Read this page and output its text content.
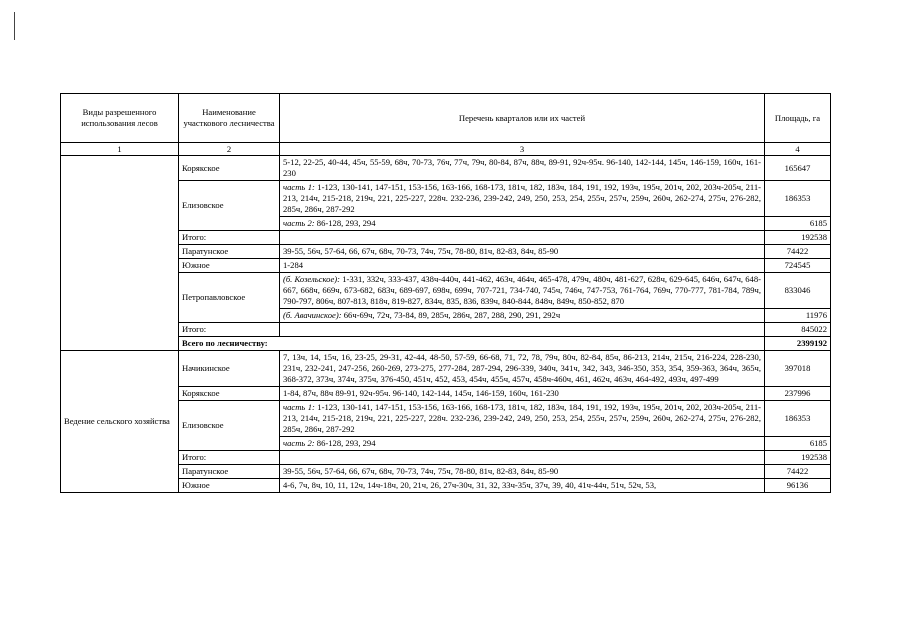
Виды разрешенного использования лесов	Наименование участкового лесничества	Перечень кварталов или их частей	Площадь, га
1	2	3	4
	Корякское	5-12, 22-25, 40-44, 45ч, 55-59, 68ч, 70-73, 76ч, 77ч, 79ч, 80-84, 87ч, 88ч, 89-91, 92ч-95ч. 96-140, 142-144, 145ч, 146-159, 160ч, 161-230	165647
	Елизовское	часть 1: 1-123, 130-141, 147-151, 153-156, 163-166, 168-173, 181ч, 182, 183ч, 184, 191, 192, 193ч, 195ч, 201ч, 202, 203ч-205ч, 211-213, 214ч, 215-218, 219ч, 221, 225-227, 228ч. 232-236, 239-242, 249, 250, 253, 254, 255ч, 257ч, 259ч, 260ч, 262-274, 275ч, 276-282, 285ч, 286ч, 287-292	186353
		часть 2: 86-128, 293, 294	6185
	Итого:		192538
	Паратунское	39-55, 56ч, 57-64, 66, 67ч, 68ч, 70-73, 74ч, 75ч, 78-80, 81ч, 82-83, 84ч, 85-90	74422
	Южное	1-284	724545
	Петропавловское	(б. Козельское): 1-331, 332ч, 333-437, 438ч-440ч, 441-462, 463ч, 464ч, 465-478, 479ч, 480ч, 481-627, 628ч, 629-645, 646ч, 647ч, 648-667, 668ч, 669ч, 673-682, 683ч, 689-697, 698ч, 699ч, 707-721, 734-740, 745ч, 746ч, 747-753, 761-764, 769ч, 770-777, 781-784, 789ч, 790-797, 806ч, 807-813, 818ч, 819-827, 834ч, 835, 836, 839ч, 840-844, 848ч, 849ч, 850-852, 870	833046
		(б. Авачинское): 66ч-69ч, 72ч, 73-84, 89, 285ч, 286ч, 287, 288, 290, 291, 292ч	11976
	Итого:		845022
	Всего по лесничеству:		2399192
Ведение сельского хозяйства	Начикинское	7, 13ч, 14, 15ч, 16, 23-25, 29-31, 42-44, 48-50, 57-59, 66-68, 71, 72, 78, 79ч, 80ч, 82-84, 85ч, 86-213, 214ч, 215ч, 216-224, 228-230, 231ч, 232-241, 247-256, 260-269, 273-275, 277-284, 287-294, 296-339, 340ч, 341ч, 342, 343, 346-350, 353, 354, 359-363, 364ч, 365ч, 368-372, 373ч, 374ч, 375ч, 376-450, 451ч, 452, 453, 454ч, 455ч, 457ч, 458ч-460ч, 461, 462ч, 463ч, 464-492, 493ч, 497-499	397018
	Корякское	1-84, 87ч, 88ч 89-91, 92ч-95ч. 96-140, 142-144, 145ч, 146-159, 160ч, 161-230	237996
	Елизовское	часть 1: 1-123, 130-141, 147-151, 153-156, 163-166, 168-173, 181ч, 182, 183ч, 184, 191, 192, 193ч, 195ч, 201ч, 202, 203ч-205ч, 211-213, 214ч, 215-218, 219ч, 221, 225-227, 228ч. 232-236, 239-242, 249, 250, 253, 254, 255ч, 257ч, 259ч, 260ч, 262-274, 275ч, 276-282, 285ч, 286ч, 287-292	186353
		часть 2: 86-128, 293, 294	6185
	Итого:		192538
	Паратунское	39-55, 56ч, 57-64, 66, 67ч, 68ч, 70-73, 74ч, 75ч, 78-80, 81ч, 82-83, 84ч, 85-90	74422
	Южное	4-6, 7ч, 8ч, 10, 11, 12ч, 14ч-18ч, 20, 21ч, 26, 27ч-30ч, 31, 32, 33ч-35ч, 37ч, 39, 40, 41ч-44ч, 51ч, 52ч, 53,	96136
